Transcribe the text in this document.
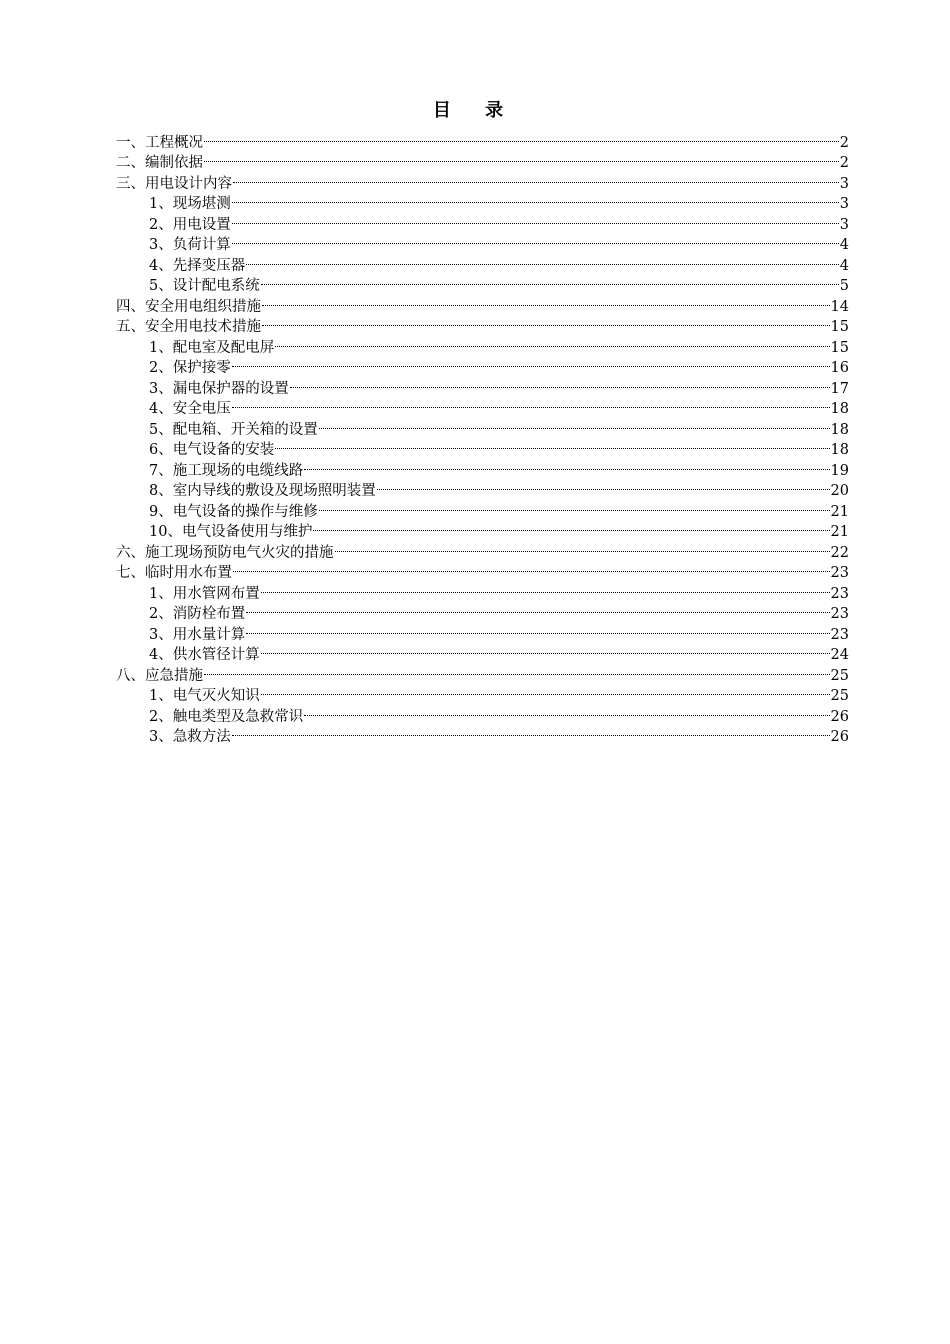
目 录
一、工程概况	2
二、编制依据	2
三、用电设计内容	3
1、现场堪测	3
2、用电设置	3
3、负荷计算	4
4、先择变压器	4
5、设计配电系统	5
四、安全用电组织措施	14
五、安全用电技术措施	15
1、配电室及配电屏	15
2、保护接零	16
3、漏电保护器的设置	17
4、安全电压	18
5、配电箱、开关箱的设置	18
6、电气设备的安装	18
7、施工现场的电缆线路	19
8、室内导线的敷设及现场照明装置	20
9、电气设备的操作与维修	21
10、电气设备使用与维护	21
六、施工现场预防电气火灾的措施	22
七、临时用水布置	23
1、用水管网布置	23
2、消防栓布置	23
3、用水量计算	23
4、供水管径计算	24
八、应急措施	25
1、电气灭火知识	25
2、触电类型及急救常识	26
3、急救方法	26
